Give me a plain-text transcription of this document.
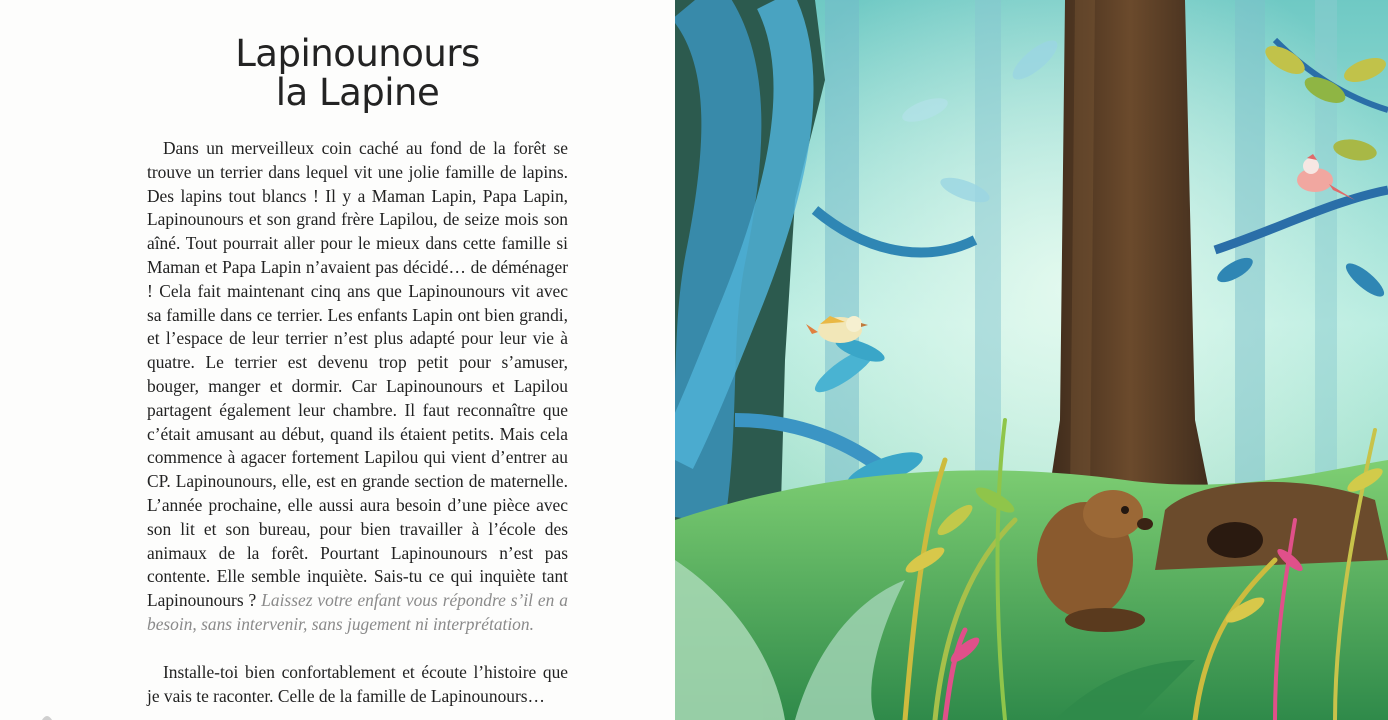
Lapinounours
la Lapine

Dans un merveilleux coin caché au fond de la forêt se trouve un terrier dans lequel vit une jolie famille de lapins. Des lapins tout blancs ! Il y a Maman Lapin, Papa Lapin, Lapinounours et son grand frère Lapilou, de seize mois son aîné. Tout pourrait aller pour le mieux dans cette famille si Maman et Papa Lapin n’avaient pas décidé… de déménager ! Cela fait maintenant cinq ans que Lapinounours vit avec sa famille dans ce terrier. Les enfants Lapin ont bien grandi, et l’espace de leur terrier n’est plus adapté pour leur vie à quatre. Le terrier est devenu trop petit pour s’amuser, bouger, manger et dormir. Car Lapinounours et Lapilou partagent également leur chambre. Il faut reconnaître que c’était amusant au début, quand ils étaient petits. Mais cela commence à agacer fortement Lapilou qui vient d’entrer au CP. Lapinounours, elle, est en grande section de maternelle. L’année prochaine, elle aussi aura besoin d’une pièce avec son lit et son bureau, pour bien travailler à l’école des animaux de la forêt. Pourtant Lapinounours n’est pas contente. Elle semble inquiète. Sais-tu ce qui inquiète tant Lapinounours ? Laissez votre enfant vous répondre s’il en a besoin, sans intervenir, sans jugement ni interprétation.

Installe-toi bien confortablement et écoute l’histoire que je vais te raconter. Celle de la famille de Lapinounours…
